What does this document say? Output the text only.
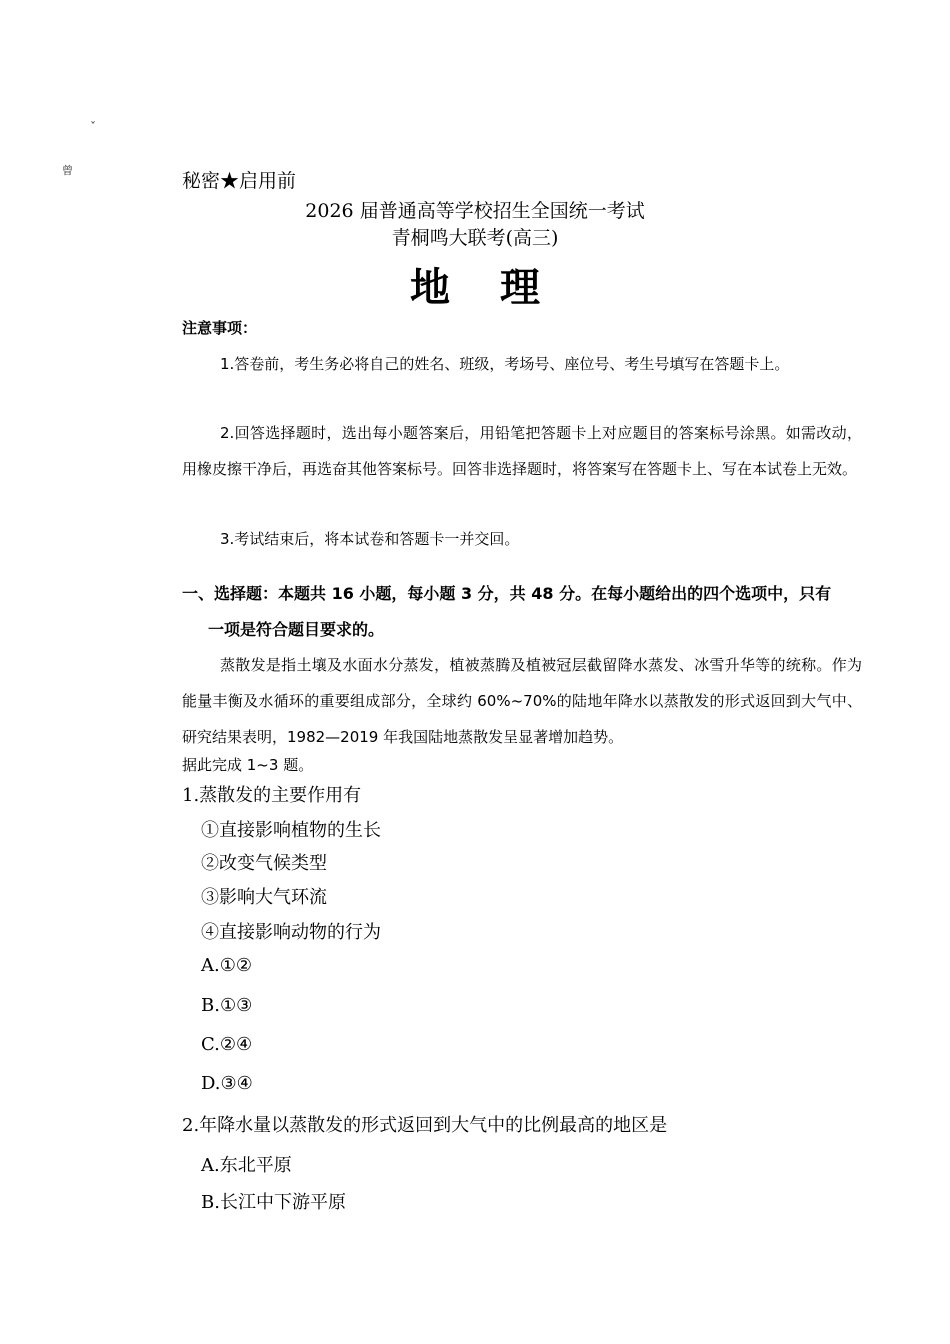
ˇ
曾	秘密★启用前
2026 届普通高等学校招生全国统一考试
青桐鸣大联考(高三)
地 理
注意事项：
1.答卷前，考生务必将自己的姓名、班级，考场号、座位号、考生号填写在答题卡上。
2.回答选择题时，选出每小题答案后，用铅笔把答题卡上对应题目的答案标号涂黑。如需改动，用橡皮擦干净后，再选奋其他答案标号。回答非选择题时，将答案写在答题卡上、写在本试卷上无效。
3.考试结束后，将本试卷和答题卡一并交回。
一、选择题：本题共 16 小题，每小题 3 分，共 48 分。在每小题给出的四个选项中，只有
一项是符合题目要求的。
蒸散发是指土壤及水面水分蒸发，植被蒸腾及植被冠层截留降水蒸发、冰雪升华等的统称。作为能量丰衡及水循环的重要组成部分，全球约 60%~70%的陆地年降水以蒸散发的形式返回到大气中、研究结果表明，1982—2019 年我国陆地蒸散发呈显著增加趋势。
据此完成 1~3 题。
1.蒸散发的主要作用有
①直接影响植物的生长
②改变气候类型
③影响大气环流
④直接影响动物的行为
A.①②
B.①③
C.②④
D.③④
2.年降水量以蒸散发的形式返回到大气中的比例最高的地区是
A.东北平原
B.长江中下游平原
